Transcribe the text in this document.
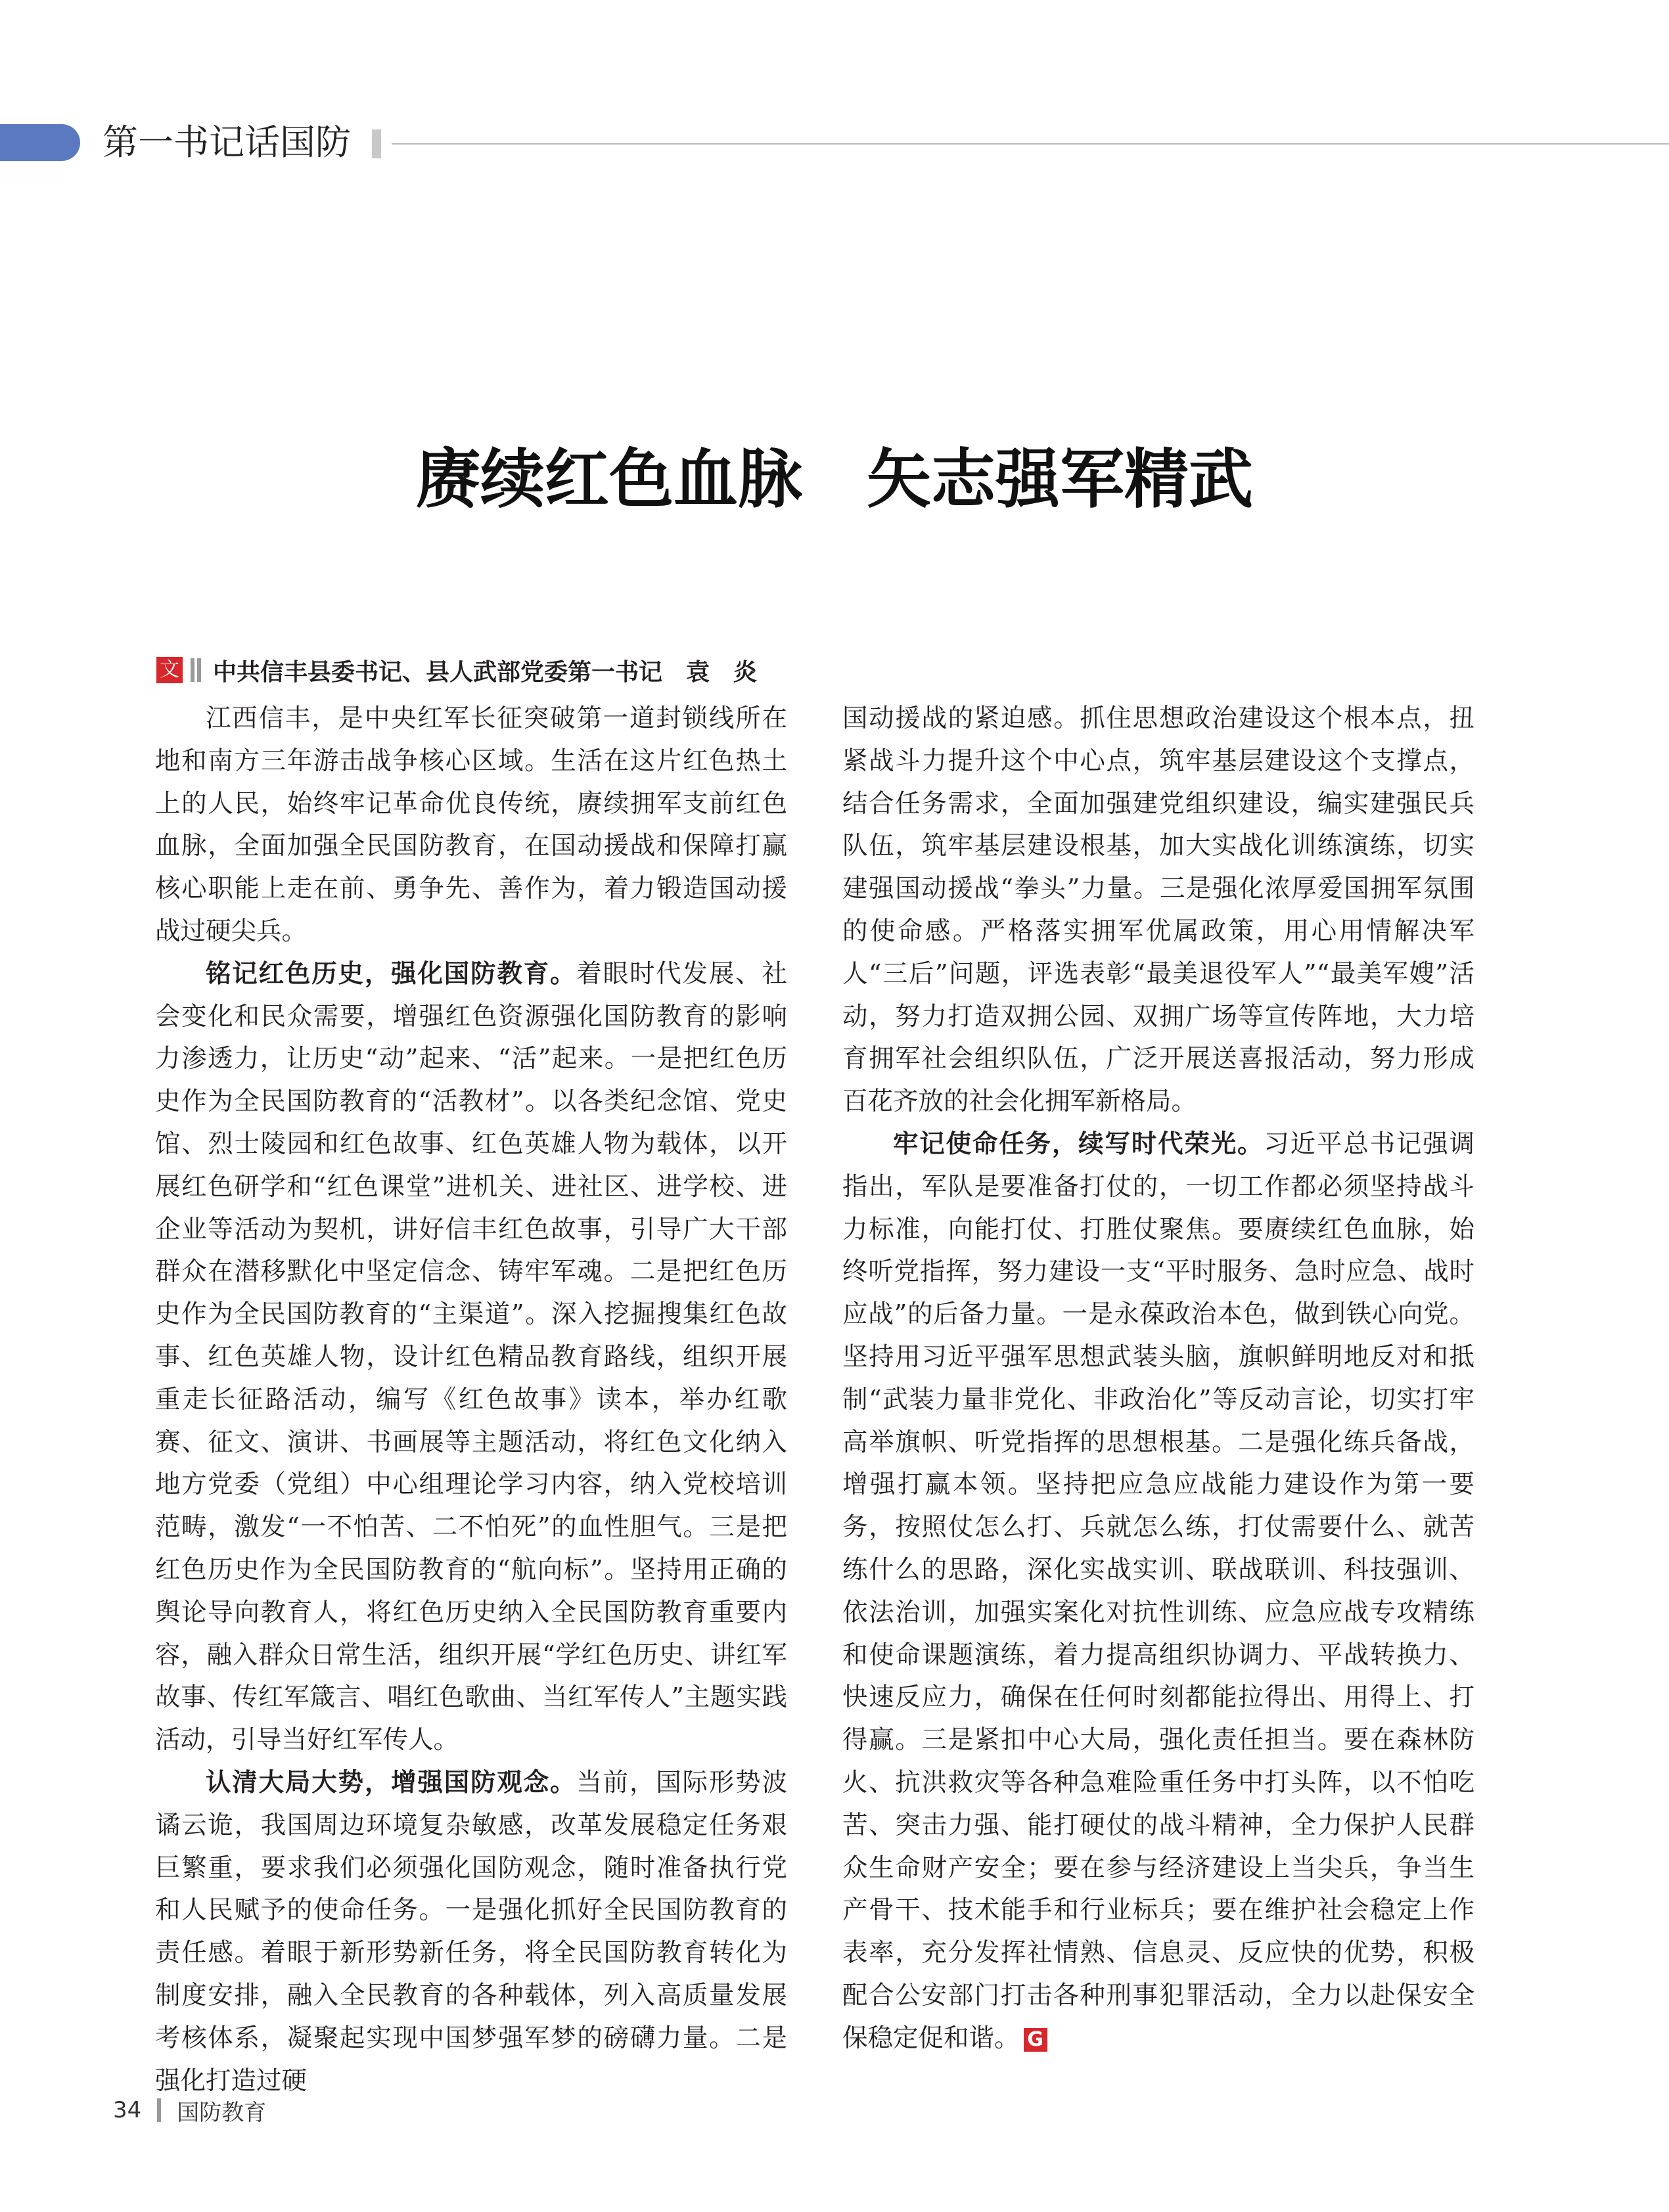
第一书记话国防
赓续红色血脉　矢志强军精武
文 中共信丰县委书记、县人武部党委第一书记　袁　炎

江西信丰，是中央红军长征突破第一道封锁线所在地和南方三年游击战争核心区域。生活在这片红色热土上的人民，始终牢记革命优良传统，赓续拥军支前红色血脉，全面加强全民国防教育，在国动援战和保障打赢核心职能上走在前、勇争先、善作为，着力锻造国动援战过硬尖兵。

铭记红色历史，强化国防教育。着眼时代发展、社会变化和民众需要，增强红色资源强化国防教育的影响力渗透力，让历史“动”起来、“活”起来。一是把红色历史作为全民国防教育的“活教材”。以各类纪念馆、党史馆、烈士陵园和红色故事、红色英雄人物为载体，以开展红色研学和“红色课堂”进机关、进社区、进学校、进企业等活动为契机，讲好信丰红色故事，引导广大干部群众在潜移默化中坚定信念、铸牢军魂。二是把红色历史作为全民国防教育的“主渠道”。深入挖掘搜集红色故事、红色英雄人物，设计红色精品教育路线，组织开展重走长征路活动，编写《红色故事》读本，举办红歌赛、征文、演讲、书画展等主题活动，将红色文化纳入地方党委（党组）中心组理论学习内容，纳入党校培训范畴，激发“一不怕苦、二不怕死”的血性胆气。三是把红色历史作为全民国防教育的“航向标”。坚持用正确的舆论导向教育人，将红色历史纳入全民国防教育重要内容，融入群众日常生活，组织开展“学红色历史、讲红军故事、传红军箴言、唱红色歌曲、当红军传人”主题实践活动，引导当好红军传人。

认清大局大势，增强国防观念。当前，国际形势波谲云诡，我国周边环境复杂敏感，改革发展稳定任务艰巨繁重，要求我们必须强化国防观念，随时准备执行党和人民赋予的使命任务。一是强化抓好全民国防教育的责任感。着眼于新形势新任务，将全民国防教育转化为制度安排，融入全民教育的各种载体，列入高质量发展考核体系，凝聚起实现中国梦强军梦的磅礴力量。二是强化打造过硬

国动援战的紧迫感。抓住思想政治建设这个根本点，扭紧战斗力提升这个中心点，筑牢基层建设这个支撑点，结合任务需求，全面加强建党组织建设，编实建强民兵队伍，筑牢基层建设根基，加大实战化训练演练，切实建强国动援战“拳头”力量。三是强化浓厚爱国拥军氛围的使命感。严格落实拥军优属政策，用心用情解决军人“三后”问题，评选表彰“最美退役军人”“最美军嫂”活动，努力打造双拥公园、双拥广场等宣传阵地，大力培育拥军社会组织队伍，广泛开展送喜报活动，努力形成百花齐放的社会化拥军新格局。

牢记使命任务，续写时代荣光。习近平总书记强调指出，军队是要准备打仗的，一切工作都必须坚持战斗力标准，向能打仗、打胜仗聚焦。要赓续红色血脉，始终听党指挥，努力建设一支“平时服务、急时应急、战时应战”的后备力量。一是永葆政治本色，做到铁心向党。坚持用习近平强军思想武装头脑，旗帜鲜明地反对和抵制“武装力量非党化、非政治化”等反动言论，切实打牢高举旗帜、听党指挥的思想根基。二是强化练兵备战，增强打赢本领。坚持把应急应战能力建设作为第一要务，按照仗怎么打、兵就怎么练，打仗需要什么、就苦练什么的思路，深化实战实训、联战联训、科技强训、依法治训，加强实案化对抗性训练、应急应战专攻精练和使命课题演练，着力提高组织协调力、平战转换力、快速反应力，确保在任何时刻都能拉得出、用得上、打得赢。三是紧扣中心大局，强化责任担当。要在森林防火、抗洪救灾等各种急难险重任务中打头阵，以不怕吃苦、突击力强、能打硬仗的战斗精神，全力保护人民群众生命财产安全；要在参与经济建设上当尖兵，争当生产骨干、技术能手和行业标兵；要在维护社会稳定上作表率，充分发挥社情熟、信息灵、反应快的优势，积极配合公安部门打击各种刑事犯罪活动，全力以赴保安全保稳定促和谐。 G

34 国防教育
